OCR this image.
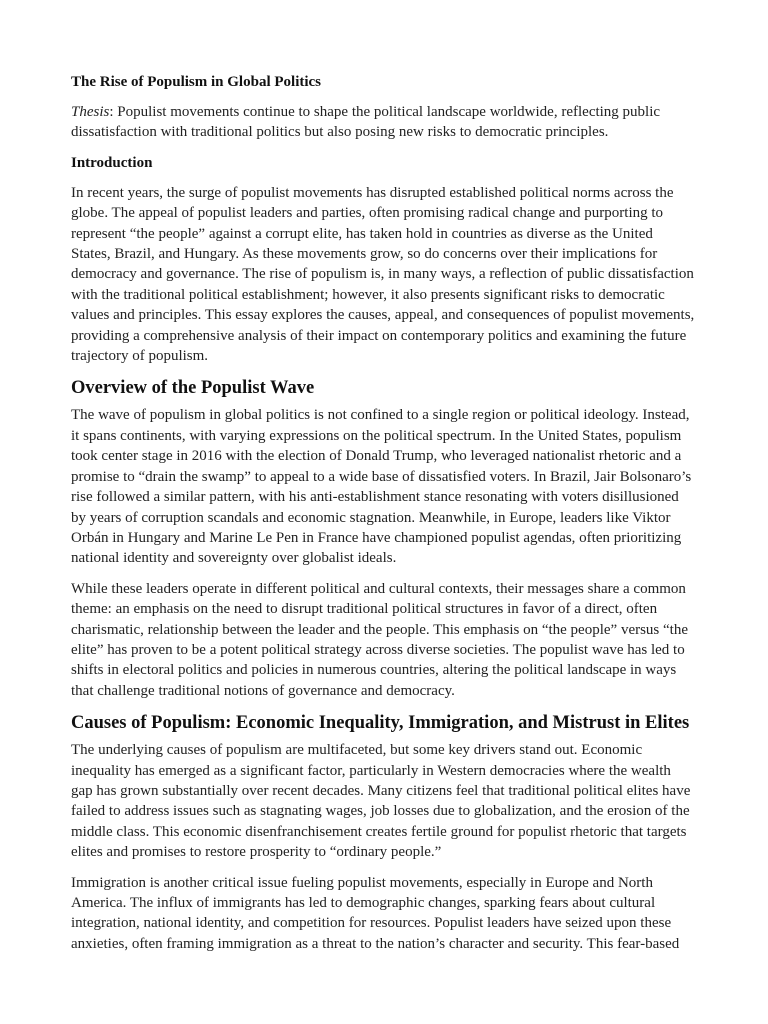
The Rise of Populism in Global Politics
Thesis: Populist movements continue to shape the political landscape worldwide, reflecting public
dissatisfaction with traditional politics but also posing new risks to democratic principles.
Introduction
In recent years, the surge of populist movements has disrupted established political norms across the
globe. The appeal of populist leaders and parties, often promising radical change and purporting to
represent “the people” against a corrupt elite, has taken hold in countries as diverse as the United
States, Brazil, and Hungary. As these movements grow, so do concerns over their implications for
democracy and governance. The rise of populism is, in many ways, a reflection of public dissatisfaction
with the traditional political establishment; however, it also presents significant risks to democratic
values and principles. This essay explores the causes, appeal, and consequences of populist movements,
providing a comprehensive analysis of their impact on contemporary politics and examining the future
trajectory of populism.
Overview of the Populist Wave
The wave of populism in global politics is not confined to a single region or political ideology. Instead,
it spans continents, with varying expressions on the political spectrum. In the United States, populism
took center stage in 2016 with the election of Donald Trump, who leveraged nationalist rhetoric and a
promise to “drain the swamp” to appeal to a wide base of dissatisfied voters. In Brazil, Jair Bolsonaro’s
rise followed a similar pattern, with his anti-establishment stance resonating with voters disillusioned
by years of corruption scandals and economic stagnation. Meanwhile, in Europe, leaders like Viktor
Orbán in Hungary and Marine Le Pen in France have championed populist agendas, often prioritizing
national identity and sovereignty over globalist ideals.
While these leaders operate in different political and cultural contexts, their messages share a common
theme: an emphasis on the need to disrupt traditional political structures in favor of a direct, often
charismatic, relationship between the leader and the people. This emphasis on “the people” versus “the
elite” has proven to be a potent political strategy across diverse societies. The populist wave has led to
shifts in electoral politics and policies in numerous countries, altering the political landscape in ways
that challenge traditional notions of governance and democracy.
Causes of Populism: Economic Inequality, Immigration, and Mistrust in Elites
The underlying causes of populism are multifaceted, but some key drivers stand out. Economic
inequality has emerged as a significant factor, particularly in Western democracies where the wealth
gap has grown substantially over recent decades. Many citizens feel that traditional political elites have
failed to address issues such as stagnating wages, job losses due to globalization, and the erosion of the
middle class. This economic disenfranchisement creates fertile ground for populist rhetoric that targets
elites and promises to restore prosperity to “ordinary people.”
Immigration is another critical issue fueling populist movements, especially in Europe and North
America. The influx of immigrants has led to demographic changes, sparking fears about cultural
integration, national identity, and competition for resources. Populist leaders have seized upon these
anxieties, often framing immigration as a threat to the nation’s character and security. This fear-based
